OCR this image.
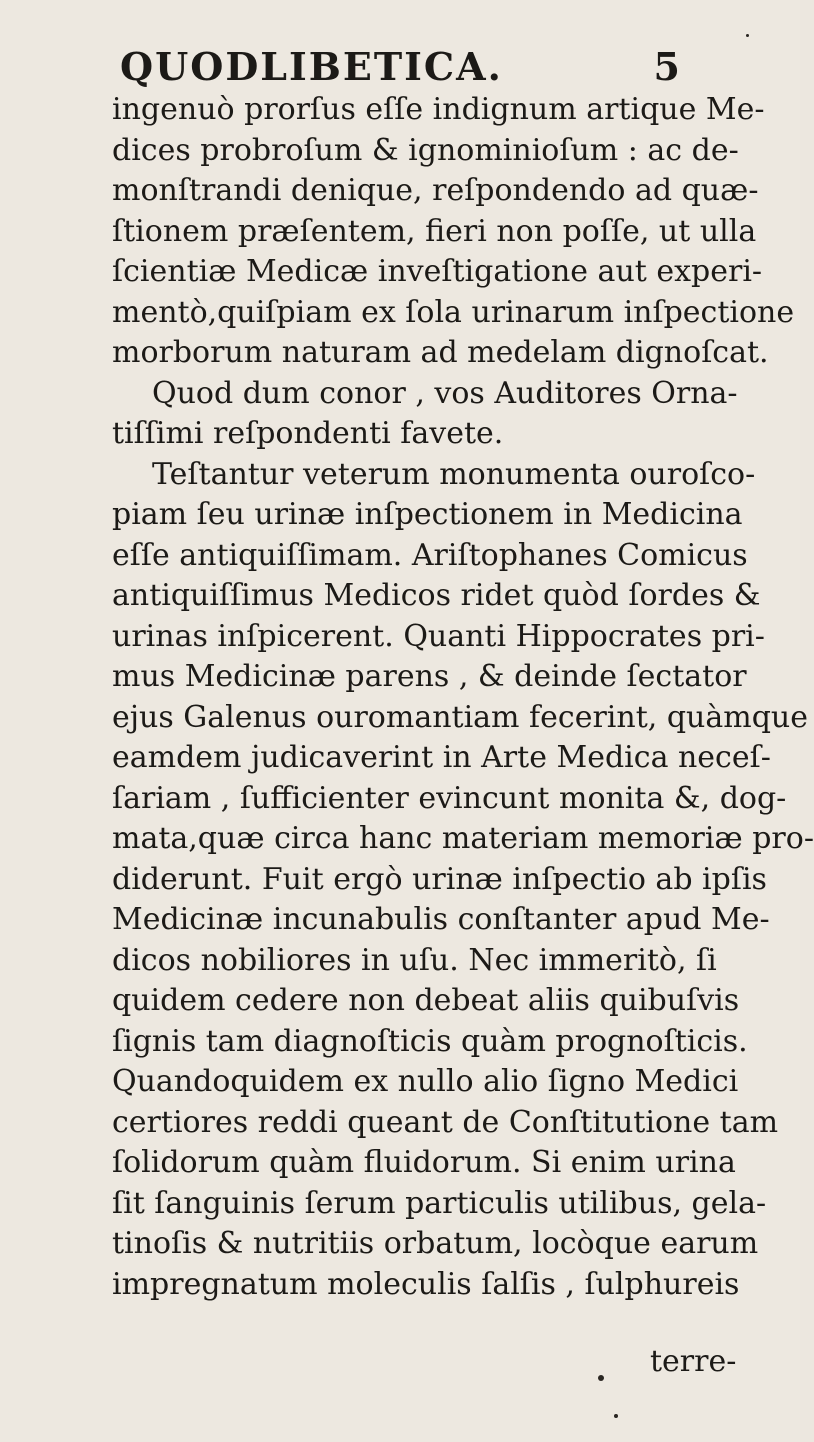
QUODLIBETICA.	5
ingenuò prorſus eſſe indignum artique Me-
dices probroſum & ignominioſum : ac de-
monſtrandi denique, reſpondendo ad quæ-
ſtionem præſentem, fieri non poſſe, ut ulla
ſcientiæ Medicæ inveſtigatione aut experi-
mentò,quiſpiam ex ſola urinarum inſpectione
morborum naturam ad medelam dignoſcat.
Quod dum conor , vos Auditores Orna-
tiſſimi reſpondenti favete.
Teſtantur veterum monumenta ouroſco-
piam ſeu urinæ inſpectionem in Medicina
eſſe antiquiſſimam. Ariſtophanes Comicus
antiquiſſimus Medicos ridet quòd ſordes &
urinas inſpicerent. Quanti Hippocrates pri-
mus Medicinæ parens , & deinde ſectator
ejus Galenus ouromantiam fecerint, quàmque
eamdem judicaverint in Arte Medica neceſ-
ſariam , ſufficienter evincunt monita &, dog-
mata,quæ circa hanc materiam memoriæ pro-
diderunt. Fuit ergò urinæ inſpectio ab ipſis
Medicinæ incunabulis conſtanter apud Me-
dicos nobiliores in uſu. Nec immeritò, ſi
quidem cedere non debeat aliis quibuſvis
ſignis tam diagnoſticis quàm prognoſticis.
Quandoquidem ex nullo alio ſigno Medici
certiores reddi queant de Conſtitutione tam
ſolidorum quàm fluidorum. Si enim urina
ſit ſanguinis ſerum particulis utilibus, gela-
tinoſis & nutritiis orbatum, locòque earum
impregnatum moleculis ſalſis , ſulphureis
terre-
